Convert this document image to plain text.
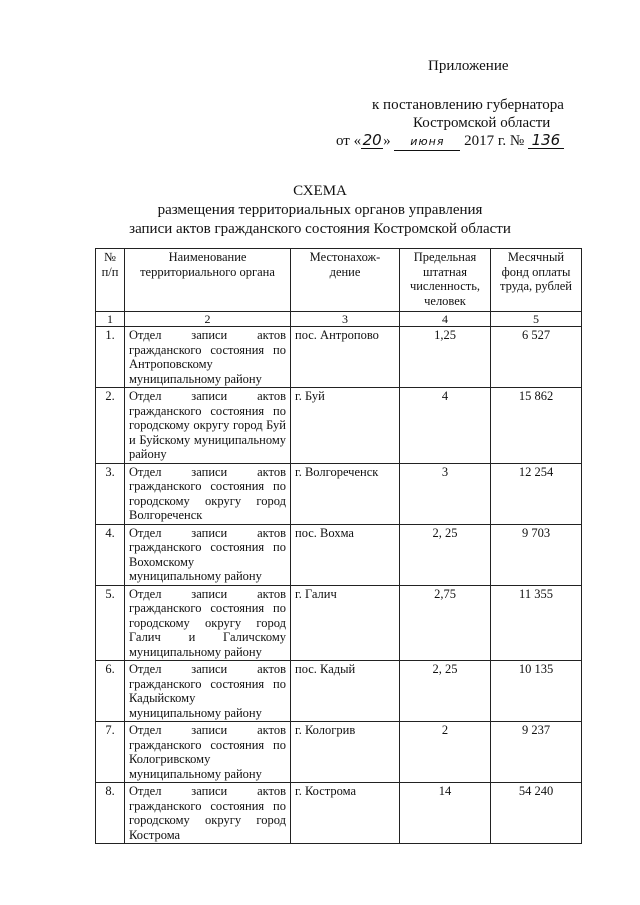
Приложение
к постановлению губернатора
Костромской области
от «20» июня 2017 г. № 136
СХЕМА
размещения территориальных органов управления
записи актов гражданского состояния Костромской области
№ п/п	Наименование территориального органа	Местонахож-дение	Предельная штатная численность, человек	Месячный фонд оплаты труда, рублей
1	2	3	4	5
1.	Отдел записи актов гражданского состояния по Антроповскому муниципальному району	пос. Антропово	1,25	6 527
2.	Отдел записи актов гражданского состояния по городскому округу город Буй и Буйскому муниципальному району	г. Буй	4	15 862
3.	Отдел записи актов гражданского состояния по городскому округу город Волгореченск	г. Волгореченск	3	12 254
4.	Отдел записи актов гражданского состояния по Вохомскому муниципальному району	пос. Вохма	2, 25	9 703
5.	Отдел записи актов гражданского состояния по городскому округу город Галич и Галичскому муниципальному району	г. Галич	2,75	11 355
6.	Отдел записи актов гражданского состояния по Кадыйскому муниципальному району	пос. Кадый	2, 25	10 135
7.	Отдел записи актов гражданского состояния по Кологривскому муниципальному району	г. Кологрив	2	9 237
8.	Отдел записи актов гражданского состояния по городскому округу город Кострома	г. Кострома	14	54 240
